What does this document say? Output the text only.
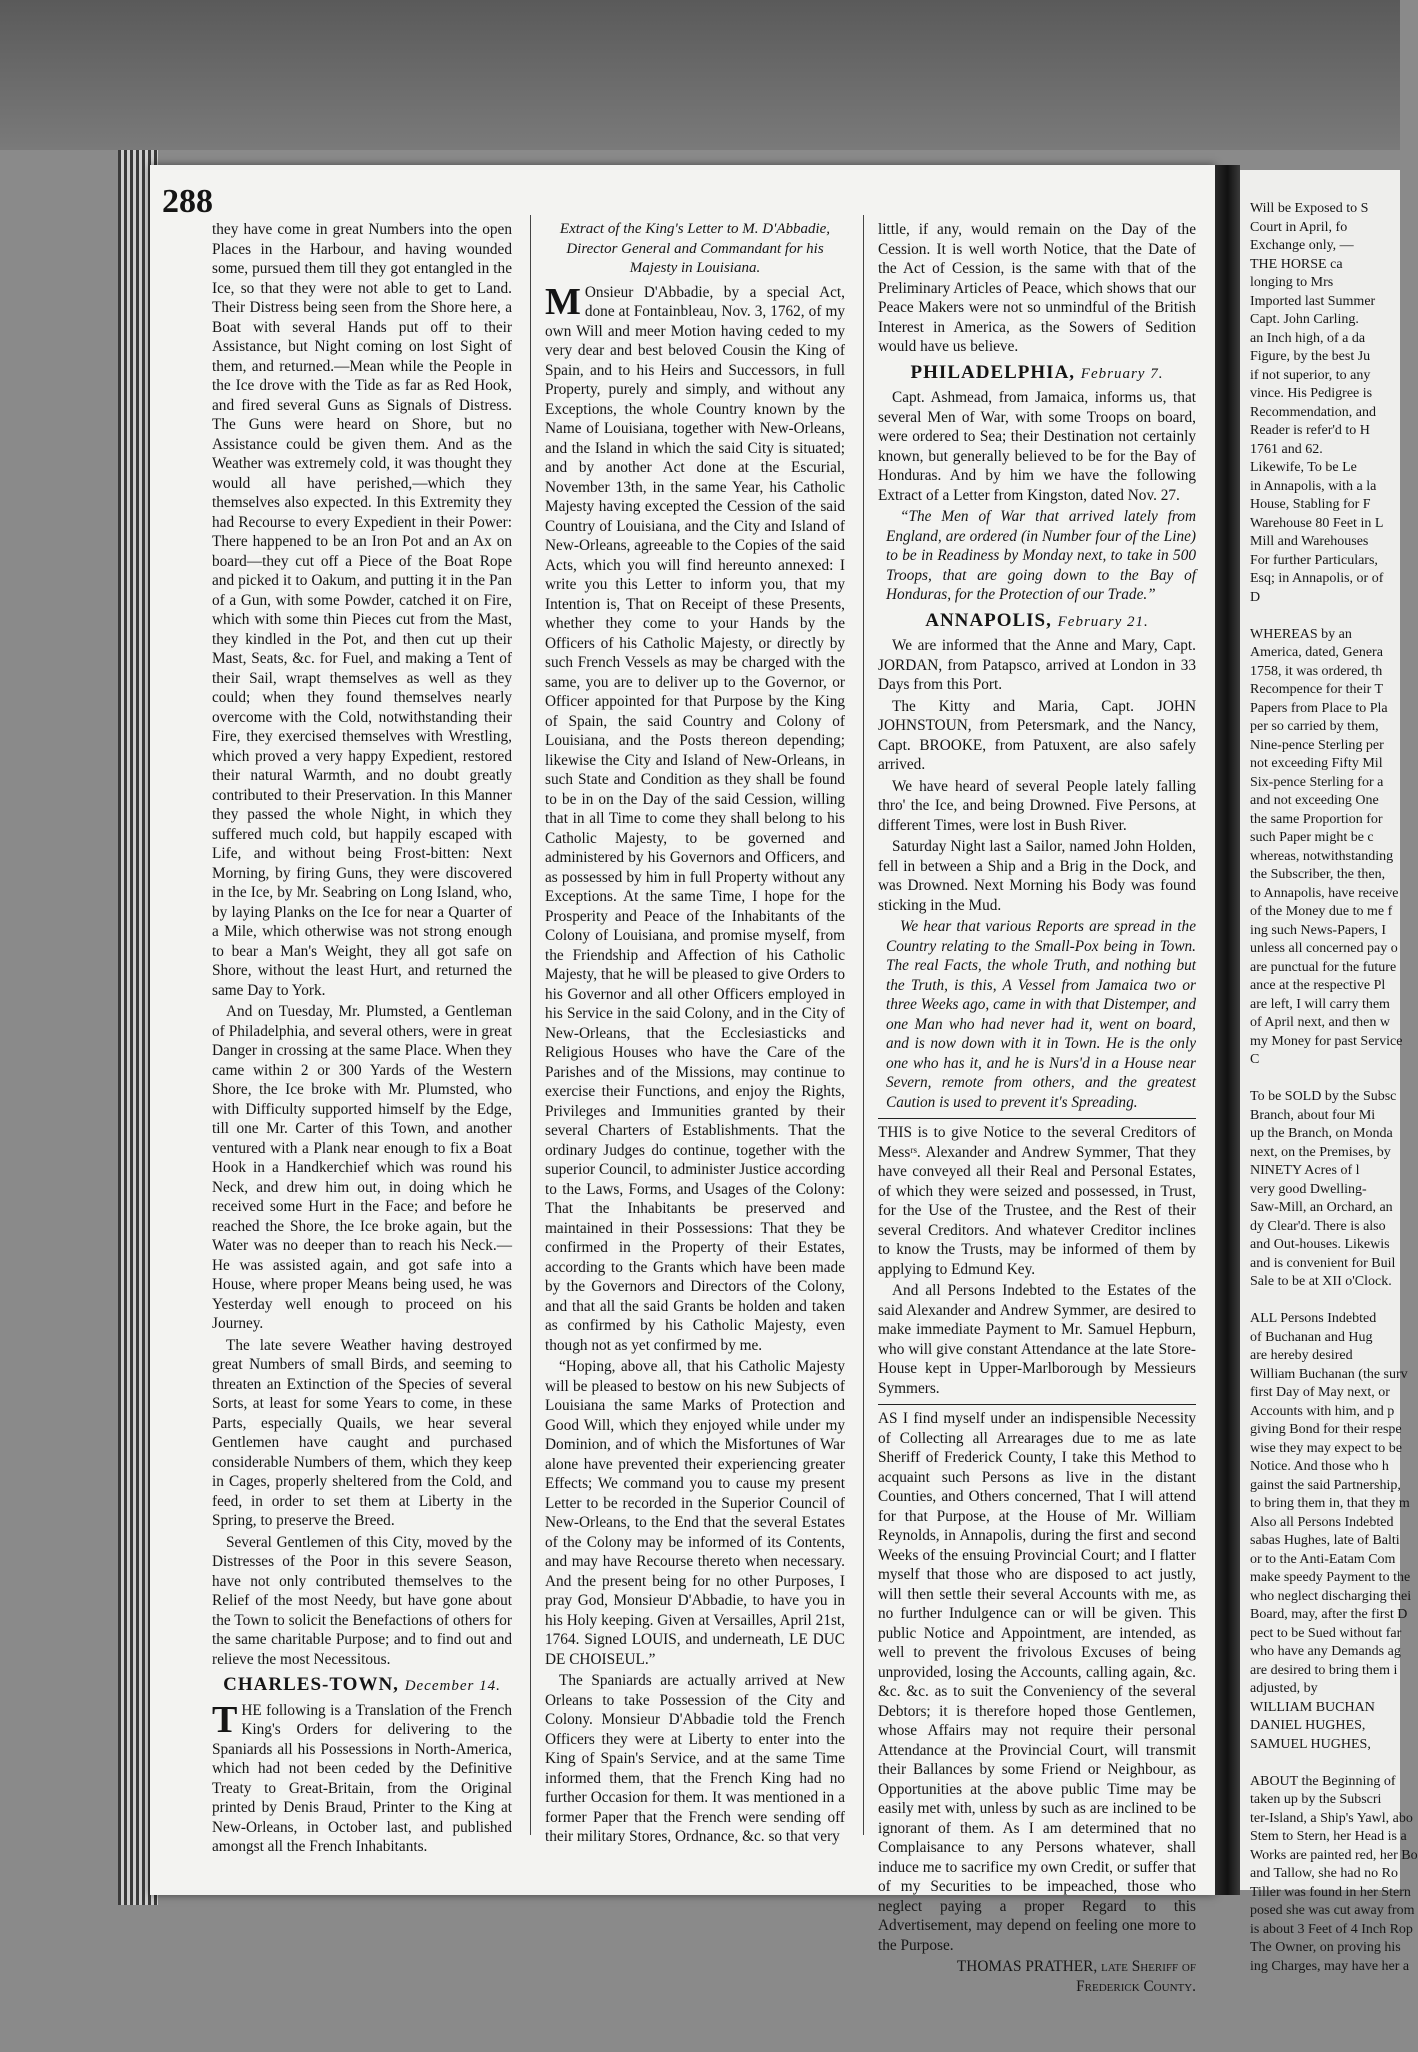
288

they have come in great Numbers into the open Places in the Harbour, and having wounded some, pursued them till they got entangled in the Ice, so that they were not able to get to Land. Their Distress being seen from the Shore here, a Boat with several Hands put off to their Assistance, but Night coming on lost Sight of them, and returned.—Mean while the People in the Ice drove with the Tide as far as Red Hook, and fired several Guns as Signals of Distress. The Guns were heard on Shore, but no Assistance could be given them. And as the Weather was extremely cold, it was thought they would all have perished,—which they themselves also expected. In this Extremity they had Recourse to every Expedient in their Power: There happened to be an Iron Pot and an Ax on board—they cut off a Piece of the Boat Rope and picked it to Oakum, and putting it in the Pan of a Gun, with some Powder, catched it on Fire, which with some thin Pieces cut from the Mast, they kindled in the Pot, and then cut up their Mast, Seats, &c. for Fuel, and making a Tent of their Sail, wrapt themselves as well as they could; when they found themselves nearly overcome with the Cold, notwithstanding their Fire, they exercised themselves with Wrestling, which proved a very happy Expedient, restored their natural Warmth, and no doubt greatly contributed to their Preservation. In this Manner they passed the whole Night, in which they suffered much cold, but happily escaped with Life, and without being Frost-bitten: Next Morning, by firing Guns, they were discovered in the Ice, by Mr. Seabring on Long Island, who, by laying Planks on the Ice for near a Quarter of a Mile, which otherwise was not strong enough to bear a Man's Weight, they all got safe on Shore, without the least Hurt, and returned the same Day to York.

And on Tuesday, Mr. Plumsted, a Gentleman of Philadelphia, and several others, were in great Danger in crossing at the same Place. When they came within 2 or 300 Yards of the Western Shore, the Ice broke with Mr. Plumsted, who with Difficulty supported himself by the Edge, till one Mr. Carter of this Town, and another ventured with a Plank near enough to fix a Boat Hook in a Handkerchief which was round his Neck, and drew him out, in doing which he received some Hurt in the Face; and before he reached the Shore, the Ice broke again, but the Water was no deeper than to reach his Neck.—He was assisted again, and got safe into a House, where proper Means being used, he was Yesterday well enough to proceed on his Journey.

The late severe Weather having destroyed great Numbers of small Birds, and seeming to threaten an Extinction of the Species of several Sorts, at least for some Years to come, in these Parts, especially Quails, we hear several Gentlemen have caught and purchased considerable Numbers of them, which they keep in Cages, properly sheltered from the Cold, and feed, in order to set them at Liberty in the Spring, to preserve the Breed.

Several Gentlemen of this City, moved by the Distresses of the Poor in this severe Season, have not only contributed themselves to the Relief of the most Needy, but have gone about the Town to solicit the Benefactions of others for the same charitable Purpose; and to find out and relieve the most Necessitous.

CHARLES-TOWN, December 14.

THE following is a Translation of the French King's Orders for delivering to the Spaniards all his Possessions in North-America, which had not been ceded by the Definitive Treaty to Great-Britain, from the Original printed by Denis Braud, Printer to the King at New-Orleans, in October last, and published amongst all the French Inhabitants.

Extract of the King's Letter to M. D'Abbadie, Director General and Commandant for his Majesty in Louisiana.

M Onsieur D'Abbadie, by a special Act, done at Fontainbleau, Nov. 3, 1762, of my own Will and meer Motion having ceded to my very dear and best beloved Cousin the King of Spain, and to his Heirs and Successors, in full Property, purely and simply, and without any Exceptions, the whole Country known by the Name of Louisiana, together with New-Orleans, and the Island in which the said City is situated; and by another Act done at the Escurial, November 13th, in the same Year, his Catholic Majesty having excepted the Cession of the said Country of Louisiana, and the City and Island of New-Orleans, agreeable to the Copies of the said Acts, which you will find hereunto annexed: I write you this Letter to inform you, that my Intention is, That on Receipt of these Presents, whether they come to your Hands by the Officers of his Catholic Majesty, or directly by such French Vessels as may be charged with the same, you are to deliver up to the Governor, or Officer appointed for that Purpose by the King of Spain, the said Country and Colony of Louisiana, and the Posts thereon depending; likewise the City and Island of New-Orleans, in such State and Condition as they shall be found to be in on the Day of the said Cession, willing that in all Time to come they shall belong to his Catholic Majesty, to be governed and administered by his Governors and Officers, and as possessed by him in full Property without any Exceptions. At the same Time, I hope for the Prosperity and Peace of the Inhabitants of the Colony of Louisiana, and promise myself, from the Friendship and Affection of his Catholic Majesty, that he will be pleased to give Orders to his Governor and all other Officers employed in his Service in the said Colony, and in the City of New-Orleans, that the Ecclesiasticks and Religious Houses who have the Care of the Parishes and of the Missions, may continue to exercise their Functions, and enjoy the Rights, Privileges and Immunities granted by their several Charters of Establishments. That the ordinary Judges do continue, together with the superior Council, to administer Justice according to the Laws, Forms, and Usages of the Colony: That the Inhabitants be preserved and maintained in their Possessions: That they be confirmed in the Property of their Estates, according to the Grants which have been made by the Governors and Directors of the Colony, and that all the said Grants be holden and taken as confirmed by his Catholic Majesty, even though not as yet confirmed by me.

“Hoping, above all, that his Catholic Majesty will be pleased to bestow on his new Subjects of Louisiana the same Marks of Protection and Good Will, which they enjoyed while under my Dominion, and of which the Misfortunes of War alone have prevented their experiencing greater Effects; We command you to cause my present Letter to be recorded in the Superior Council of New-Orleans, to the End that the several Estates of the Colony may be informed of its Contents, and may have Recourse thereto when necessary. And the present being for no other Purposes, I pray God, Monsieur D'Abbadie, to have you in his Holy keeping. Given at Versailles, April 21st, 1764. Signed LOUIS, and underneath, LE DUC DE CHOISEUL.”

The Spaniards are actually arrived at New Orleans to take Possession of the City and Colony. Monsieur D'Abbadie told the French Officers they were at Liberty to enter into the King of Spain's Service, and at the same Time informed them, that the French King had no further Occasion for them. It was mentioned in a former Paper that the French were sending off their military Stores, Ordnance, &c. so that very

little, if any, would remain on the Day of the Cession. It is well worth Notice, that the Date of the Act of Cession, is the same with that of the Preliminary Articles of Peace, which shows that our Peace Makers were not so unmindful of the British Interest in America, as the Sowers of Sedition would have us believe.

PHILADELPHIA, February 7.

Capt. Ashmead, from Jamaica, informs us, that several Men of War, with some Troops on board, were ordered to Sea; their Destination not certainly known, but generally believed to be for the Bay of Honduras. And by him we have the following Extract of a Letter from Kingston, dated Nov. 27.

“The Men of War that arrived lately from England, are ordered (in Number four of the Line) to be in Readiness by Monday next, to take in 500 Troops, that are going down to the Bay of Honduras, for the Protection of our Trade.”

ANNAPOLIS, February 21.

We are informed that the Anne and Mary, Capt. JORDAN, from Patapsco, arrived at London in 33 Days from this Port.

The Kitty and Maria, Capt. JOHN JOHNSTOUN, from Petersmark, and the Nancy, Capt. BROOKE, from Patuxent, are also safely arrived.

We have heard of several People lately falling thro' the Ice, and being Drowned. Five Persons, at different Times, were lost in Bush River.

Saturday Night last a Sailor, named John Holden, fell in between a Ship and a Brig in the Dock, and was Drowned. Next Morning his Body was found sticking in the Mud.

We hear that various Reports are spread in the Country relating to the Small-Pox being in Town. The real Facts, the whole Truth, and nothing but the Truth, is this, A Vessel from Jamaica two or three Weeks ago, came in with that Distemper, and one Man who had never had it, went on board, and is now down with it in Town. He is the only one who has it, and he is Nurs'd in a House near Severn, remote from others, and the greatest Caution is used to prevent it's Spreading.

THIS is to give Notice to the several Creditors of Messʳˢ. Alexander and Andrew Symmer, That they have conveyed all their Real and Personal Estates, of which they were seized and possessed, in Trust, for the Use of the Trustee, and the Rest of their several Creditors. And whatever Creditor inclines to know the Trusts, may be informed of them by applying to Edmund Key.

And all Persons Indebted to the Estates of the said Alexander and Andrew Symmer, are desired to make immediate Payment to Mr. Samuel Hepburn, who will give constant Attendance at the late Store-House kept in Upper-Marlborough by Messieurs Symmers.

AS I find myself under an indispensible Necessity of Collecting all Arrearages due to me as late Sheriff of Frederick County, I take this Method to acquaint such Persons as live in the distant Counties, and Others concerned, That I will attend for that Purpose, at the House of Mr. William Reynolds, in Annapolis, during the first and second Weeks of the ensuing Provincial Court; and I flatter myself that those who are disposed to act justly, will then settle their several Accounts with me, as no further Indulgence can or will be given. This public Notice and Appointment, are intended, as well to prevent the frivolous Excuses of being unprovided, losing the Accounts, calling again, &c. &c. &c. as to suit the Conveniency of the several Debtors; it is therefore hoped those Gentlemen, whose Affairs may not require their personal Attendance at the Provincial Court, will transmit their Ballances by some Friend or Neighbour, as Opportunities at the above public Time may be easily met with, unless by such as are inclined to be ignorant of them. As I am determined that no Complaisance to any Persons whatever, shall induce me to sacrifice my own Credit, or suffer that of my Securities to be impeached, those who neglect paying a proper Regard to this Advertisement, may depend on feeling one more to the Purpose.

THOMAS PRATHER, late Sheriff of Frederick County.

Will be Exposed to S

Court in April, fo

Exchange only, —

THE HORSE ca

longing to Mrs

Imported last Summer

Capt. John Carling.

an Inch high, of a da

Figure, by the best Ju

if not superior, to any

vince. His Pedigree is

Recommendation, and

Reader is refer'd to H

1761 and 62.

Likewife, To be Le

in Annapolis, with a la

House, Stabling for F

Warehouse 80 Feet in L

Mill and Warehouses

For further Particulars,

Esq; in Annapolis, or of

D

WHEREAS by an

America, dated, Genera

1758, it was ordered, th

Recompence for their T

Papers from Place to Pla

per so carried by them,

Nine-pence Sterling per

not exceeding Fifty Mil

Six-pence Sterling for a

and not exceeding One

the same Proportion for

such Paper might be c

whereas, notwithstanding

the Subscriber, the then,

to Annapolis, have receive

of the Money due to me f

ing such News-Papers, I

unless all concerned pay o

are punctual for the future

ance at the respective Pl

are left, I will carry them

of April next, and then w

my Money for past Service

C

To be SOLD by the Subsc

Branch, about four Mi

up the Branch, on Monda

next, on the Premises, by

NINETY Acres of l

very good Dwelling-

Saw-Mill, an Orchard, an

dy Clear'd. There is also

and Out-houses. Likewis

and is convenient for Buil

Sale to be at XII o'Clock.

ALL Persons Indebted

of Buchanan and Hug

are hereby desired

William Buchanan (the surv

first Day of May next, or

Accounts with him, and p

giving Bond for their respe

wise they may expect to be

Notice. And those who h

gainst the said Partnership,

to bring them in, that they m

Also all Persons Indebted

sabas Hughes, late of Balti

or to the Anti-Eatam Com

make speedy Payment to the

who neglect discharging thei

Board, may, after the first D

pect to be Sued without far

who have any Demands ag

are desired to bring them i

adjusted, by

WILLIAM BUCHAN

DANIEL HUGHES,

SAMUEL HUGHES,

ABOUT the Beginning of

taken up by the Subscri

ter-Island, a Ship's Yawl, abo

Stem to Stern, her Head is a

Works are painted red, her Bo

and Tallow, she had no Ro

Tiller was found in her Stern

posed she was cut away from

is about 3 Feet of 4 Inch Rop

The Owner, on proving his

ing Charges, may have her a
